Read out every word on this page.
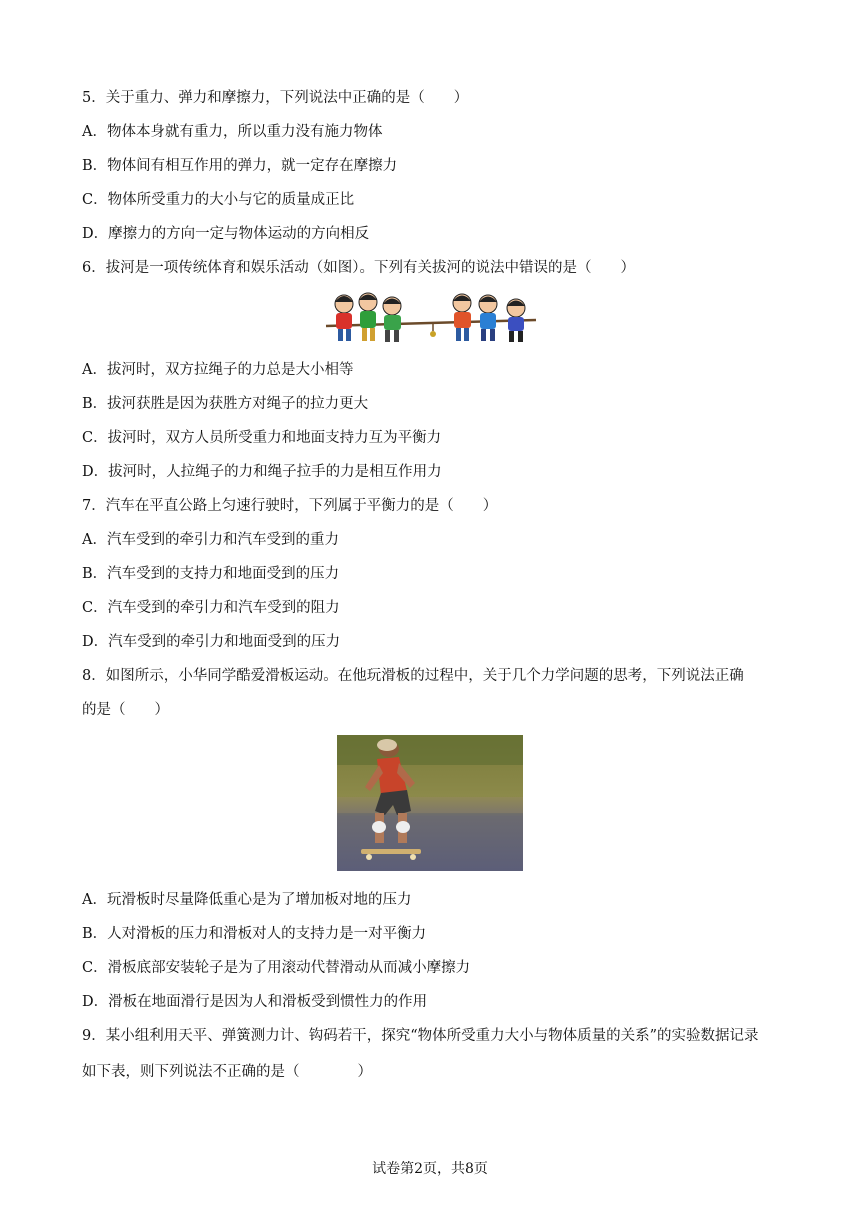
5．关于重力、弹力和摩擦力，下列说法中正确的是（　　）
A．物体本身就有重力，所以重力没有施力物体
B．物体间有相互作用的弹力，就一定存在摩擦力
C．物体所受重力的大小与它的质量成正比
D．摩擦力的方向一定与物体运动的方向相反
6．拔河是一项传统体育和娱乐活动（如图）。下列有关拔河的说法中错误的是（　　）
A．拔河时，双方拉绳子的力总是大小相等
B．拔河获胜是因为获胜方对绳子的拉力更大
C．拔河时，双方人员所受重力和地面支持力互为平衡力
D．拔河时，人拉绳子的力和绳子拉手的力是相互作用力
7．汽车在平直公路上匀速行驶时，下列属于平衡力的是（　　）
A．汽车受到的牵引力和汽车受到的重力
B．汽车受到的支持力和地面受到的压力
C．汽车受到的牵引力和汽车受到的阻力
D．汽车受到的牵引力和地面受到的压力
8．如图所示，小华同学酷爱滑板运动。在他玩滑板的过程中，关于几个力学问题的思考，下列说法正确
的是（　　）
A．玩滑板时尽量降低重心是为了增加板对地的压力
B．人对滑板的压力和滑板对人的支持力是一对平衡力
C．滑板底部安装轮子是为了用滚动代替滑动从而减小摩擦力
D．滑板在地面滑行是因为人和滑板受到惯性力的作用
9．某小组利用天平、弹簧测力计、钩码若干，探究“物体所受重力大小与物体质量的关系”的实验数据记录
如下表，则下列说法不正确的是（　　　　）
试卷第2页，共8页
